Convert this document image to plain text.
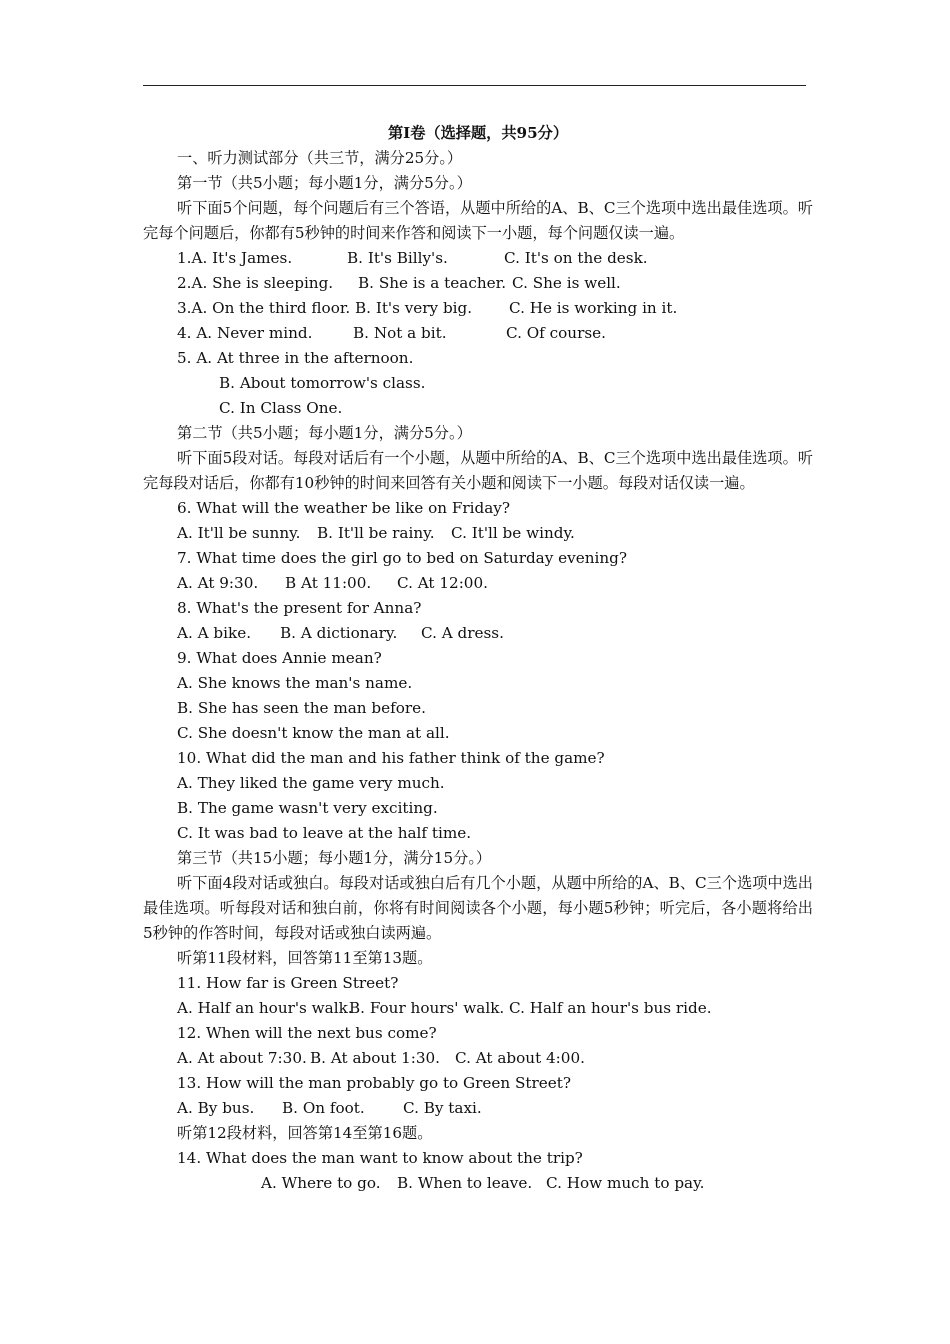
第Ⅰ卷（选择题，共95分）
一、听力测试部分（共三节，满分25分。）
第一节（共5小题；每小题1分，满分5分。）
听下面5个问题，每个问题后有三个答语，从题中所给的A、B、C三个选项中选出最佳选项。听完每个问题后，你都有5秒钟的时间来作答和阅读下一小题，每个问题仅读一遍。
1.A. It's James.	B. It's Billy's.	C. It's on the desk.
2.A. She is sleeping. B. She is a teacher. C. She is well.
3.A. On the third floor. B. It's very big. C. He is working in it.
4. A. Never mind.	B. Not a bit.	C. Of course.
5. A. At three in the afternoon.
B. About tomorrow's class.
C. In Class One.
第二节（共5小题；每小题1分，满分5分。）
听下面5段对话。每段对话后有一个小题，从题中所给的A、B、C三个选项中选出最佳选项。听完每段对话后，你都有10秒钟的时间来回答有关小题和阅读下一小题。每段对话仅读一遍。
6. What will the weather be like on Friday?
A. It'll be sunny. B. It'll be rainy. C. It'll be windy.
7. What time does the girl go to bed on Saturday evening?
A. At 9:30. B At 11:00. C. At 12:00.
8. What's the present for Anna?
A. A bike. B. A dictionary. C. A dress.
9. What does Annie mean?
A. She knows the man's name.
B. She has seen the man before.
C. She doesn't know the man at all.
10. What did the man and his father think of the game?
A. They liked the game very much.
B. The game wasn't very exciting.
C. It was bad to leave at the half time.
第三节（共15小题；每小题1分，满分15分。）
听下面4段对话或独白。每段对话或独白后有几个小题，从题中所给的A、B、C三个选项中选出最佳选项。听每段对话和独白前，你将有时间阅读各个小题，每小题5秒钟；听完后，各小题将给出5秒钟的作答时间，每段对话或独白读两遍。
听第11段材料，回答第11至第13题。
11. How far is Green Street?
A. Half an hour's walk.B. Four hours' walk. C. Half an hour's bus ride.
12. When will the next bus come?
A. At about 7:30. B. At about 1:30. C. At about 4:00.
13. How will the man probably go to Green Street?
A. By bus. B. On foot.	C. By taxi.
听第12段材料，回答第14至第16题。
14. What does the man want to know about the trip?
A. Where to go. B. When to leave. C. How much to pay.
